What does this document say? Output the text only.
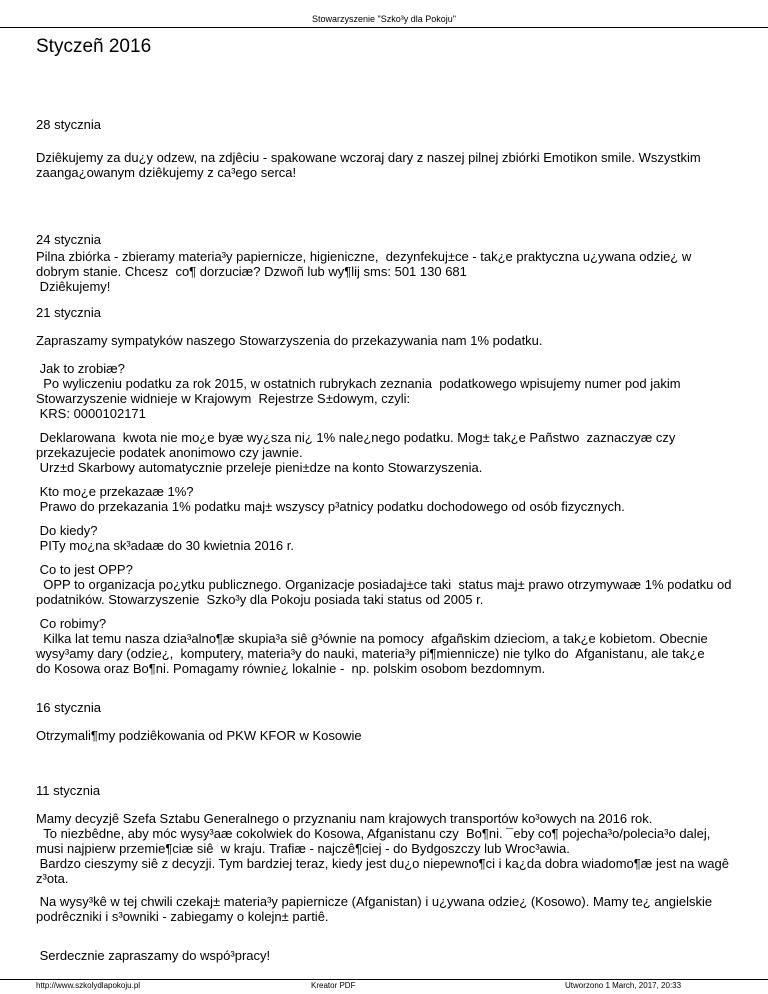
Stowarzyszenie "Szko³y dla Pokoju"
Styczeñ 2016

28 stycznia

Dziêkujemy za du¿y odzew, na zdjêciu - spakowane wczoraj dary z naszej pilnej zbiórki Emotikon smile. Wszystkim
zaanga¿owanym dziêkujemy z ca³ego serca!

24 stycznia

Pilna zbiórka - zbieramy materia³y papiernicze, higieniczne,  dezynfekuj±ce - tak¿e praktyczna u¿ywana odzie¿ w
dobrym stanie. Chcesz  co¶ dorzuciæ? Dzwoñ lub wy¶lij sms: 501 130 681
Dziêkujemy!

21 stycznia

Zapraszamy sympatyków naszego Stowarzyszenia do przekazywania nam 1% podatku.

Jak to zrobiæ?
Po wyliczeniu podatku za rok 2015, w ostatnich rubrykach zeznania  podatkowego wpisujemy numer pod jakim
Stowarzyszenie widnieje w Krajowym  Rejestrze S±dowym, czyli:
KRS: 0000102171

Deklarowana  kwota nie mo¿e byæ wy¿sza ni¿ 1% nale¿nego podatku. Mog± tak¿e Pañstwo  zaznaczyæ czy
przekazujecie podatek anonimowo czy jawnie.
Urz±d Skarbowy automatycznie przeleje pieni±dze na konto Stowarzyszenia.

Kto mo¿e przekazaæ 1%?
Prawo do przekazania 1% podatku maj± wszyscy p³atnicy podatku dochodowego od osób fizycznych.

Do kiedy?
PITy mo¿na sk³adaæ do 30 kwietnia 2016 r.

Co to jest OPP?
OPP to organizacja po¿ytku publicznego. Organizacje posiadaj±ce taki  status maj± prawo otrzymywaæ 1% podatku od
podatników. Stowarzyszenie  Szko³y dla Pokoju posiada taki status od 2005 r.

Co robimy?
Kilka lat temu nasza dzia³alno¶æ skupia³a siê g³ównie na pomocy  afgañskim dzieciom, a tak¿e kobietom. Obecnie
wysy³amy dary (odzie¿,  komputery, materia³y do nauki, materia³y pi¶miennicze) nie tylko do  Afganistanu, ale tak¿e
do Kosowa oraz Bo¶ni. Pomagamy równie¿ lokalnie -  np. polskim osobom bezdomnym.

16 stycznia

Otrzymali¶my podziêkowania od PKW KFOR w Kosowie

11 stycznia

Mamy decyzjê Szefa Sztabu Generalnego o przyznaniu nam krajowych transportów ko³owych na 2016 rok.
To niezbêdne, aby móc wysy³aæ cokolwiek do Kosowa, Afganistanu czy  Bo¶ni. ¯eby co¶ pojecha³o/polecia³o dalej,
musi najpierw przemie¶ciæ siê  w kraju. Trafiæ - najczê¶ciej - do Bydgoszczy lub Wroc³awia.
Bardzo cieszymy siê z decyzji. Tym bardziej teraz, kiedy jest du¿o niepewno¶ci i ka¿da dobra wiadomo¶æ jest na wagê
z³ota.

Na wysy³kê w tej chwili czekaj± materia³y papiernicze (Afganistan) i u¿ywana odzie¿ (Kosowo). Mamy te¿ angielskie
podrêczniki i s³owniki - zabiegamy o kolejn± partiê.

Serdecznie zapraszamy do wspó³pracy!

http://www.szkolydlapokoju.pl	Kreator PDF	Utworzono 1 March, 2017, 20:33
